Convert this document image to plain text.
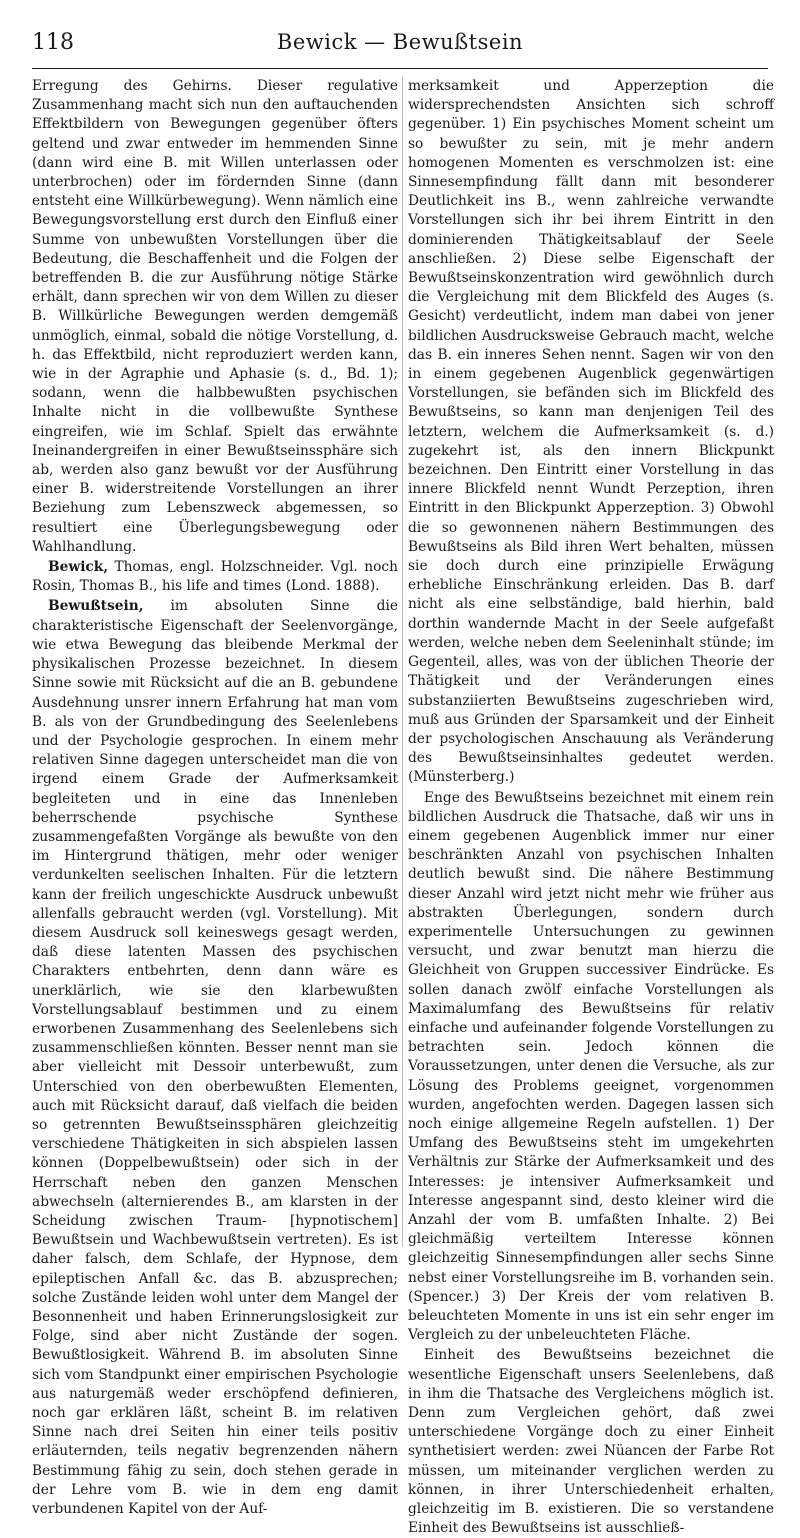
118	Bewick — Bewußtsein

Erregung des Gehirns. Dieser regulative Zusammenhang macht sich nun den auftauchenden Effektbildern von Bewegungen gegenüber öfters geltend und zwar entweder im hemmenden Sinne (dann wird eine B. mit Willen unterlassen oder unterbrochen) oder im fördernden Sinne (dann entsteht eine Willkürbewegung). Wenn nämlich eine Bewegungsvorstellung erst durch den Einfluß einer Summe von unbewußten Vorstellungen über die Bedeutung, die Beschaffenheit und die Folgen der betreffenden B. die zur Ausführung nötige Stärke erhält, dann sprechen wir von dem Willen zu dieser B. Willkürliche Bewegungen werden demgemäß unmöglich, einmal, sobald die nötige Vorstellung, d. h. das Effektbild, nicht reproduziert werden kann, wie in der Agraphie und Aphasie (s. d., Bd. 1); sodann, wenn die halbbewußten psychischen Inhalte nicht in die vollbewußte Synthese eingreifen, wie im Schlaf. Spielt das erwähnte Ineinandergreifen in einer Bewußtseinssphäre sich ab, werden also ganz bewußt vor der Ausführung einer B. widerstreitende Vorstellungen an ihrer Beziehung zum Lebenszweck abgemessen, so resultiert eine Überlegungsbewegung oder Wahlhandlung.

Bewick, Thomas, engl. Holzschneider. Vgl. noch Rosin, Thomas B., his life and times (Lond. 1888).

Bewußtsein, im absoluten Sinne die charakteristische Eigenschaft der Seelenvorgänge, wie etwa Bewegung das bleibende Merkmal der physikalischen Prozesse bezeichnet. In diesem Sinne sowie mit Rücksicht auf die an B. gebundene Ausdehnung unsrer innern Erfahrung hat man vom B. als von der Grundbedingung des Seelenlebens und der Psychologie gesprochen. In einem mehr relativen Sinne dagegen unterscheidet man die von irgend einem Grade der Aufmerksamkeit begleiteten und in eine das Innenleben beherrschende psychische Synthese zusammengefaßten Vorgänge als bewußte von den im Hintergrund thätigen, mehr oder weniger verdunkelten seelischen Inhalten. Für die letztern kann der freilich ungeschickte Ausdruck unbewußt allenfalls gebraucht werden (vgl. Vorstellung). Mit diesem Ausdruck soll keineswegs gesagt werden, daß diese latenten Massen des psychischen Charakters entbehrten, denn dann wäre es unerklärlich, wie sie den klarbewußten Vorstellungsablauf bestimmen und zu einem erworbenen Zusammenhang des Seelenlebens sich zusammenschließen könnten. Besser nennt man sie aber vielleicht mit Dessoir unterbewußt, zum Unterschied von den oberbewußten Elementen, auch mit Rücksicht darauf, daß vielfach die beiden so getrennten Bewußtseinssphären gleichzeitig verschiedene Thätigkeiten in sich abspielen lassen können (Doppelbewußtsein) oder sich in der Herrschaft neben den ganzen Menschen abwechseln (alternierendes B., am klarsten in der Scheidung zwischen Traum- [hypnotischem] Bewußtsein und Wachbewußtsein vertreten). Es ist daher falsch, dem Schlafe, der Hypnose, dem epileptischen Anfall &c. das B. abzusprechen; solche Zustände leiden wohl unter dem Mangel der Besonnenheit und haben Erinnerungslosigkeit zur Folge, sind aber nicht Zustände der sogen. Bewußtlosigkeit. Während B. im absoluten Sinne sich vom Standpunkt einer empirischen Psychologie aus naturgemäß weder erschöpfend definieren, noch gar erklären läßt, scheint B. im relativen Sinne nach drei Seiten hin einer teils positiv erläuternden, teils negativ begrenzenden nähern Bestimmung fähig zu sein, doch stehen gerade in der Lehre vom B. wie in dem eng damit verbundenen Kapitel von der Auf-

merksamkeit und Apperzeption die widersprechendsten Ansichten sich schroff gegenüber. 1) Ein psychisches Moment scheint um so bewußter zu sein, mit je mehr andern homogenen Momenten es verschmolzen ist: eine Sinnesempfindung fällt dann mit besonderer Deutlichkeit ins B., wenn zahlreiche verwandte Vorstellungen sich ihr bei ihrem Eintritt in den dominierenden Thätigkeitsablauf der Seele anschließen. 2) Diese selbe Eigenschaft der Bewußtseinskonzentration wird gewöhnlich durch die Vergleichung mit dem Blickfeld des Auges (s. Gesicht) verdeutlicht, indem man dabei von jener bildlichen Ausdrucksweise Gebrauch macht, welche das B. ein inneres Sehen nennt. Sagen wir von den in einem gegebenen Augenblick gegenwärtigen Vorstellungen, sie befänden sich im Blickfeld des Bewußtseins, so kann man denjenigen Teil des letztern, welchem die Aufmerksamkeit (s. d.) zugekehrt ist, als den innern Blickpunkt bezeichnen. Den Eintritt einer Vorstellung in das innere Blickfeld nennt Wundt Perzeption, ihren Eintritt in den Blickpunkt Apperzeption. 3) Obwohl die so gewonnenen nähern Bestimmungen des Bewußtseins als Bild ihren Wert behalten, müssen sie doch durch eine prinzipielle Erwägung erhebliche Einschränkung erleiden. Das B. darf nicht als eine selbständige, bald hierhin, bald dorthin wandernde Macht in der Seele aufgefaßt werden, welche neben dem Seeleninhalt stünde; im Gegenteil, alles, was von der üblichen Theorie der Thätigkeit und der Veränderungen eines substanziierten Bewußtseins zugeschrieben wird, muß aus Gründen der Sparsamkeit und der Einheit der psychologischen Anschauung als Veränderung des Bewußtseinsinhaltes gedeutet werden. (Münsterberg.)

Enge des Bewußtseins bezeichnet mit einem rein bildlichen Ausdruck die Thatsache, daß wir uns in einem gegebenen Augenblick immer nur einer beschränkten Anzahl von psychischen Inhalten deutlich bewußt sind. Die nähere Bestimmung dieser Anzahl wird jetzt nicht mehr wie früher aus abstrakten Überlegungen, sondern durch experimentelle Untersuchungen zu gewinnen versucht, und zwar benutzt man hierzu die Gleichheit von Gruppen successiver Eindrücke. Es sollen danach zwölf einfache Vorstellungen als Maximalumfang des Bewußtseins für relativ einfache und aufeinander folgende Vorstellungen zu betrachten sein. Jedoch können die Voraussetzungen, unter denen die Versuche, als zur Lösung des Problems geeignet, vorgenommen wurden, angefochten werden. Dagegen lassen sich noch einige allgemeine Regeln aufstellen. 1) Der Umfang des Bewußtseins steht im umgekehrten Verhältnis zur Stärke der Aufmerksamkeit und des Interesses: je intensiver Aufmerksamkeit und Interesse angespannt sind, desto kleiner wird die Anzahl der vom B. umfaßten Inhalte. 2) Bei gleichmäßig verteiltem Interesse können gleichzeitig Sinnesempfindungen aller sechs Sinne nebst einer Vorstellungsreihe im B. vorhanden sein. (Spencer.) 3) Der Kreis der vom relativen B. beleuchteten Momente in uns ist ein sehr enger im Vergleich zu der unbeleuchteten Fläche.

Einheit des Bewußtseins bezeichnet die wesentliche Eigenschaft unsers Seelenlebens, daß in ihm die Thatsache des Vergleichens möglich ist. Denn zum Vergleichen gehört, daß zwei unterschiedene Vorgänge doch zu einer Einheit synthetisiert werden: zwei Nüancen der Farbe Rot müssen, um miteinander verglichen werden zu können, in ihrer Unterschiedenheit erhalten, gleichzeitig im B. existieren. Die so verstandene Einheit des Bewußtseins ist ausschließ-
